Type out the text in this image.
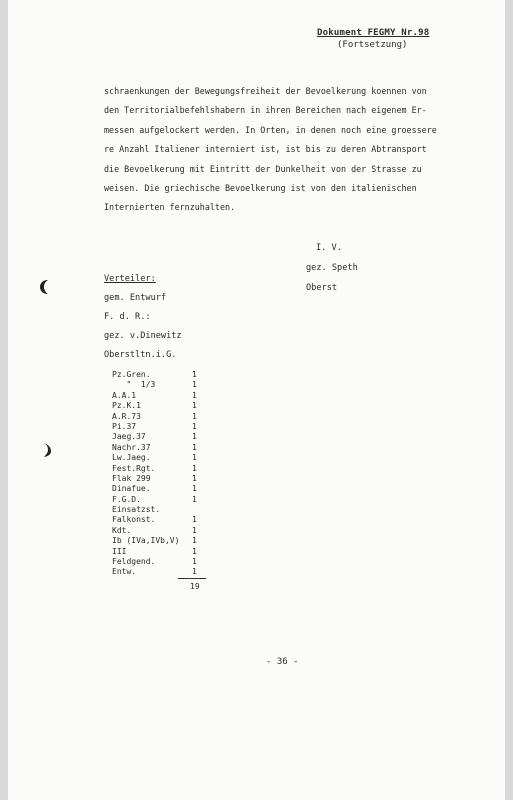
Dokument FEGMY Nr.98
(Fortsetzung)
schraenkungen der Bewegungsfreiheit der Bevoelkerung koennen von
den Territorialbefehlshabern in ihren Bereichen nach eigenem Er-
messen aufgelockert werden. In Orten, in denen noch eine groessere
re Anzahl Italiener interniert ist, ist bis zu deren Abtransport
die Bevoelkerung mit Eintritt der Dunkelheit von der Strasse zu
weisen. Die griechische Bevoelkerung ist von den italienischen
Internierten fernzuhalten.
I. V.
gez. Speth
Oberst
Verteiler:
gem. Entwurf
F. d. R.:
gez. v.Dinewitz
Oberstltn.i.G.
Pz.Gren.	1
"  1/3	1
A.A.1	1
Pz.K.1	1
A.R.73	1
Pi.37	1
Jaeg.37	1
Nachr.37	1
Lw.Jaeg.	1
Fest.Rgt.	1
Flak 299	1
Dinafue.	1
F.G.D.	1
Einsatzst.
Falkonst.	1
Kdt.	1
Ib (IVa,IVb,V) 1
III	1
Feldgend.	1
Entw.	1
19
- 36 -
